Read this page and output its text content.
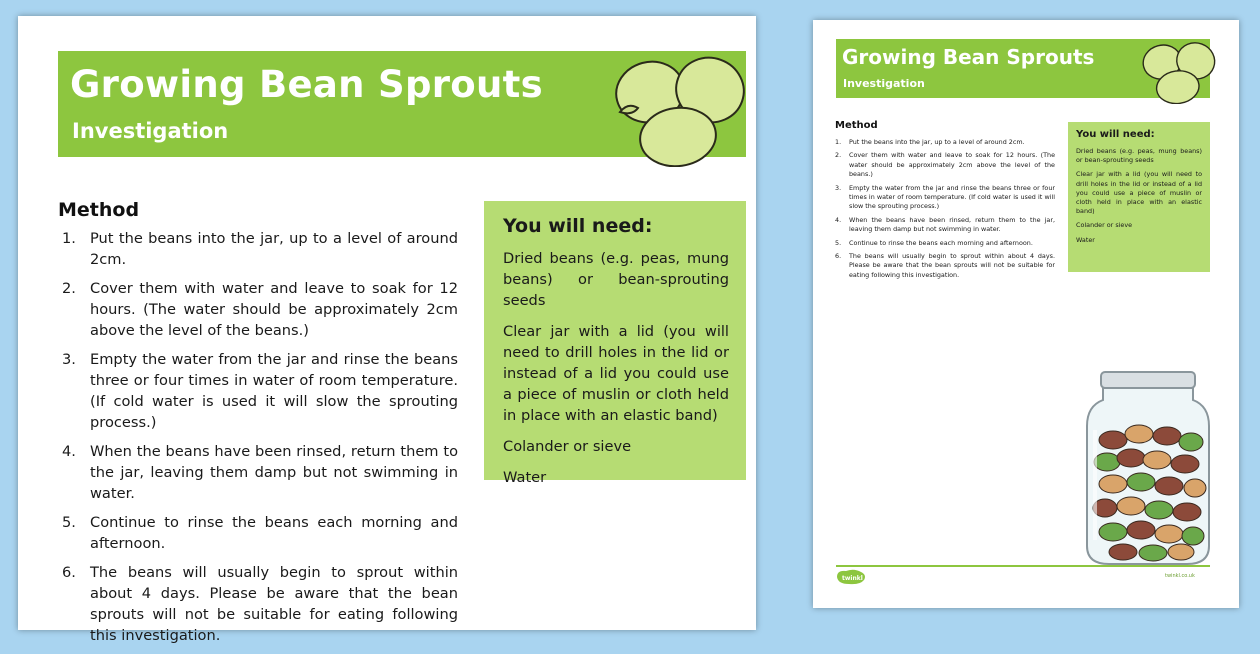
Growing Bean Sprouts
Investigation
Method
1. Put the beans into the jar, up to a level of around 2cm.
2. Cover them with water and leave to soak for 12 hours. (The water should be approximately 2cm above the level of the beans.)
3. Empty the water from the jar and rinse the beans three or four times in water of room temperature. (If cold water is used it will slow the sprouting process.)
4. When the beans have been rinsed, return them to the jar, leaving them damp but not swimming in water.
5. Continue to rinse the beans each morning and afternoon.
6. The beans will usually begin to sprout within about 4 days. Please be aware that the bean sprouts will not be suitable for eating following this investigation.
You will need:
Dried beans (e.g. peas, mung beans) or bean-sprouting seeds
Clear jar with a lid (you will need to drill holes in the lid or instead of a lid you could use a piece of muslin or cloth held in place with an elastic band)
Colander or sieve
Water
Growing Bean Sprouts
Investigation
Method
1.	Put the beans into the jar, up to a level of around 2cm.
2.	Cover them with water and leave to soak for 12 hours. (The water should be approximately 2cm above the level of the beans.)
3.	Empty the water from the jar and rinse the beans three or four times in water of room temperature. (If cold water is used it will slow the sprouting process.)
4.	When the beans have been rinsed, return them to the jar, leaving them damp but not swimming in water.
5.	Continue to rinse the beans each morning and afternoon.
6.	The beans will usually begin to sprout within about 4 days. Please be aware that the bean sprouts will not be suitable for eating following this investigation.
You will need:
Dried beans (e.g. peas, mung beans) or bean-sprouting seeds
Clear jar with a lid (you will need to drill holes in the lid or instead of a lid you could use a piece of muslin or cloth held in place with an elastic band)
Colander or sieve
Water
twinkl	twinkl.co.uk
